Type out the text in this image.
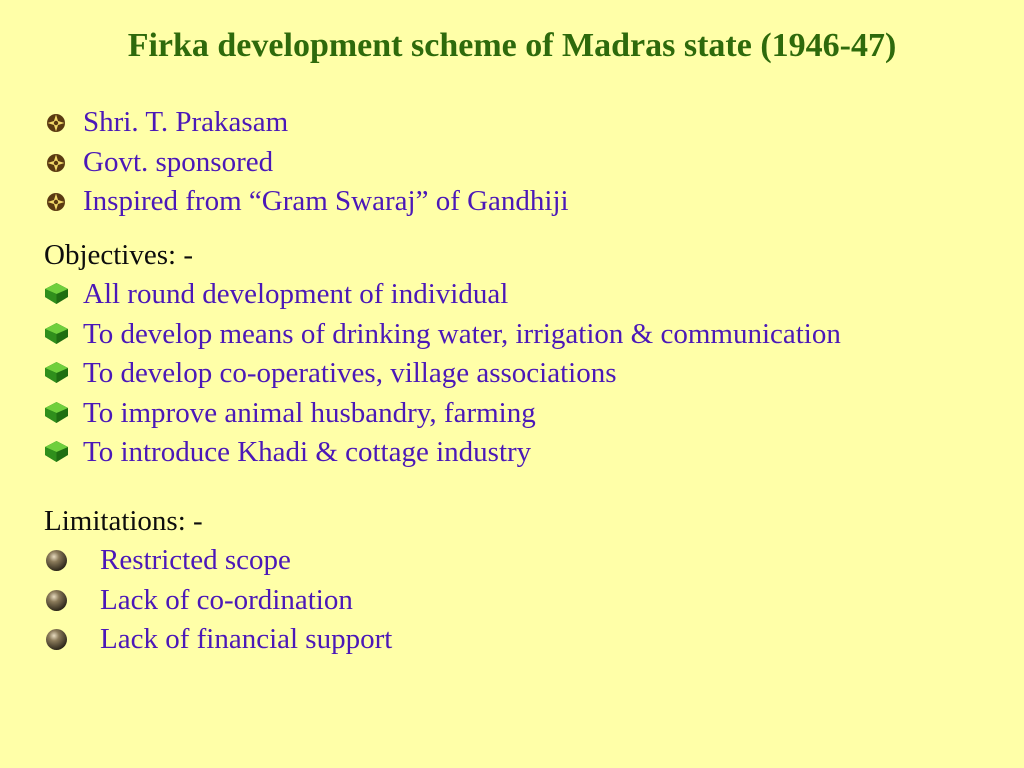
Firka development scheme of Madras state (1946-47)
Shri. T. Prakasam
Govt. sponsored
Inspired from “Gram Swaraj” of Gandhiji
Objectives: -
All round development of individual
To develop means of drinking water, irrigation & communication
To develop co-operatives, village associations
To improve animal husbandry, farming
To introduce Khadi & cottage industry
Limitations: -
Restricted scope
Lack of co-ordination
Lack of financial support
